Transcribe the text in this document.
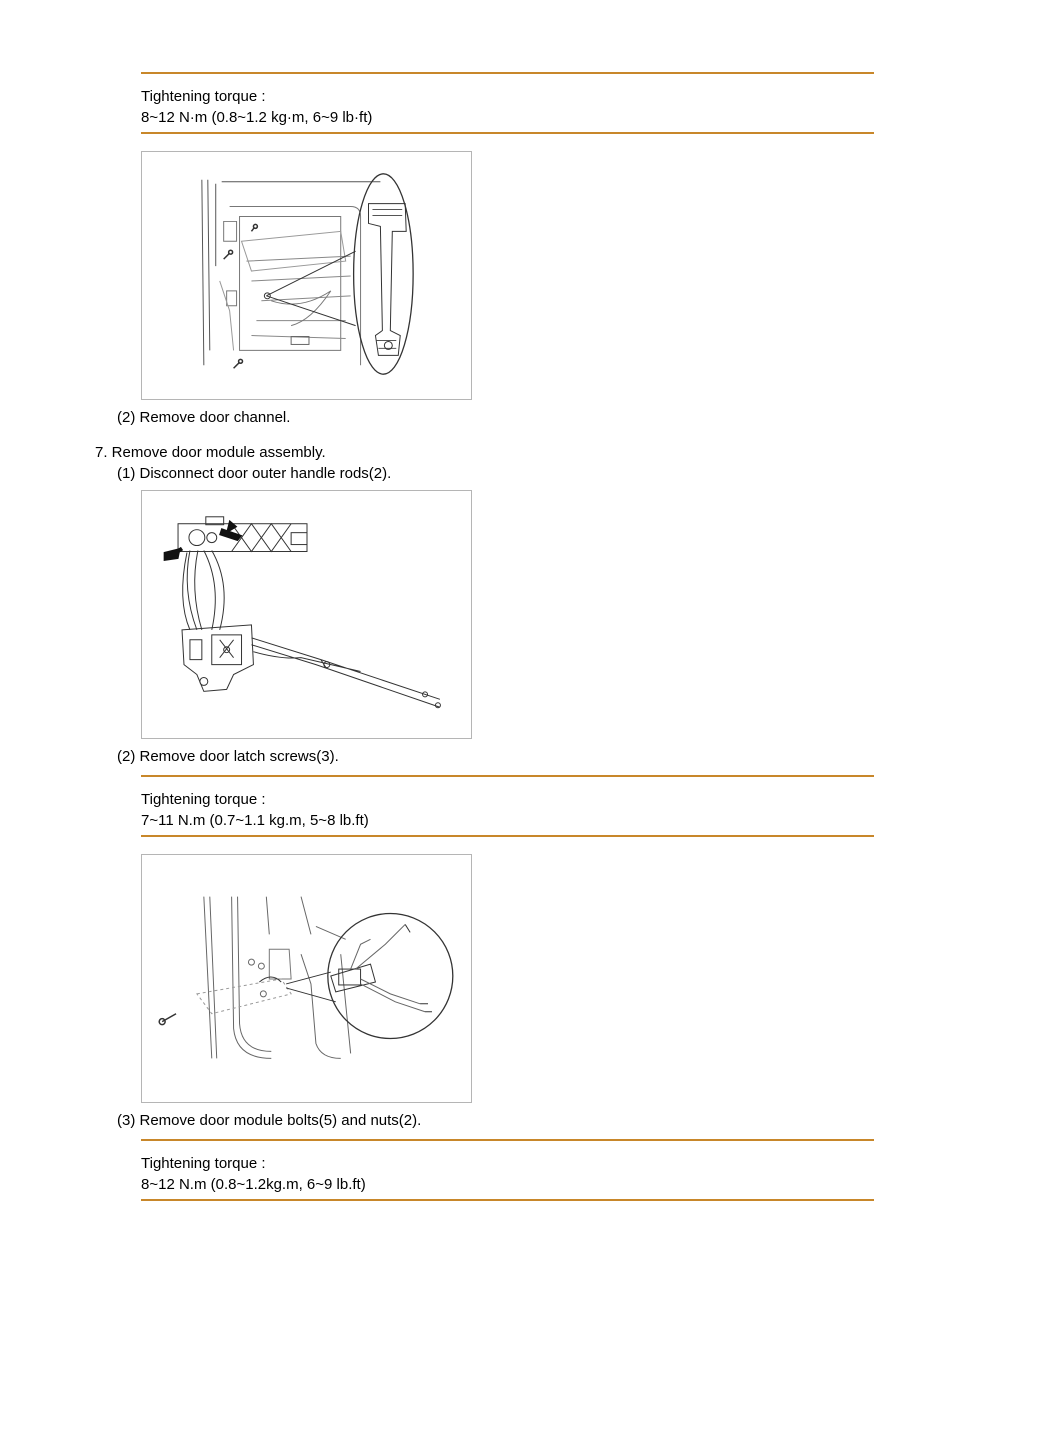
Tightening torque :
8~12 N·m (0.8~1.2 kg·m, 6~9 lb·ft)
(2) Remove door channel.
7. Remove door module assembly.
(1) Disconnect door outer handle rods(2).
(2) Remove door latch screws(3).
Tightening torque :
7~11 N.m (0.7~1.1 kg.m, 5~8 lb.ft)
(3) Remove door module bolts(5) and nuts(2).
Tightening torque :
8~12 N.m (0.8~1.2kg.m, 6~9 lb.ft)
